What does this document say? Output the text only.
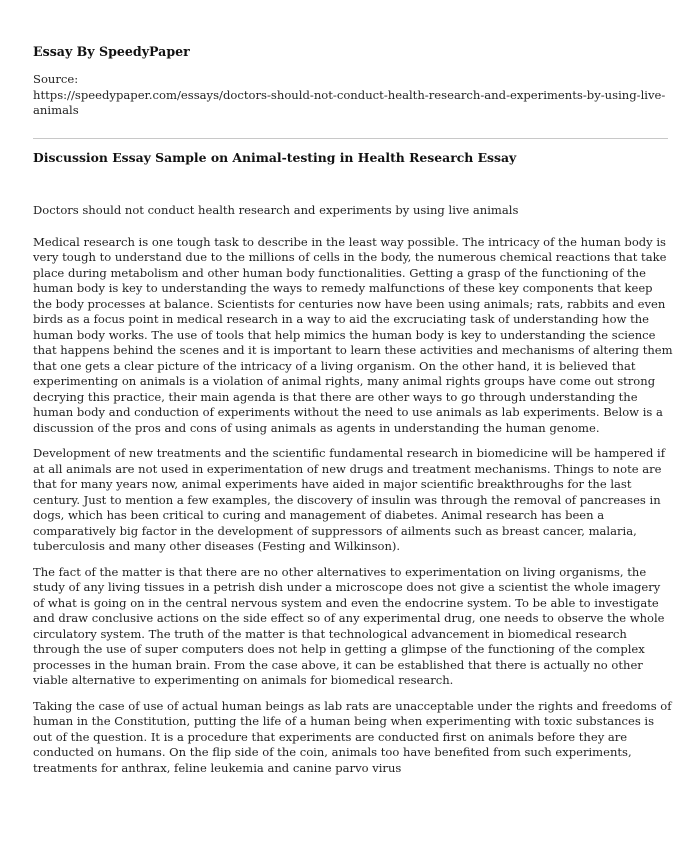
Essay By SpeedyPaper
Source:
https://speedypaper.com/essays/doctors-should-not-conduct-health-research-and-experiments-by-using-live-animals
Discussion Essay Sample on Animal-testing in Health Research Essay

Doctors should not conduct health research and experiments by using live animals

Medical research is one tough task to describe in the least way possible. The intricacy of the human body is very tough to understand due to the millions of cells in the body, the numerous chemical reactions that take place during metabolism and other human body functionalities. Getting a grasp of the functioning of the human body is key to understanding the ways to remedy malfunctions of these key components that keep the body processes at balance. Scientists for centuries now have been using animals; rats, rabbits and even birds as a focus point in medical research in a way to aid the excruciating task of understanding how the human body works. The use of tools that help mimics the human body is key to understanding the science that happens behind the scenes and it is important to learn these activities and mechanisms of altering them that one gets a clear picture of the intricacy of a living organism. On the other hand, it is believed that experimenting on animals is a violation of animal rights, many animal rights groups have come out strong decrying this practice, their main agenda is that there are other ways to go through understanding the human body and conduction of experiments without the need to use animals as lab experiments. Below is a discussion of the pros and cons of using animals as agents in understanding the human genome.

Development of new treatments and the scientific fundamental research in biomedicine will be hampered if at all animals are not used in experimentation of new drugs and treatment mechanisms. Things to note are that for many years now, animal experiments have aided in major scientific breakthroughs for the last century. Just to mention a few examples, the discovery of insulin was through the removal of pancreases in dogs, which has been critical to curing and management of diabetes. Animal research has been a comparatively big factor in the development of suppressors of ailments such as breast cancer, malaria, tuberculosis and many other diseases (Festing and Wilkinson).

The fact of the matter is that there are no other alternatives to experimentation on living organisms, the study of any living tissues in a petrish dish under a microscope does not give a scientist the whole imagery of what is going on in the central nervous system and even the endocrine system. To be able to investigate and draw conclusive actions on the side effect so of any experimental drug, one needs to observe the whole circulatory system. The truth of the matter is that technological advancement in biomedical research through the use of super computers does not help in getting a glimpse of the functioning of the complex processes in the human brain. From the case above, it can be established that there is actually no other viable alternative to experimenting on animals for biomedical research.

Taking the case of use of actual human beings as lab rats are unacceptable under the rights and freedoms of human in the Constitution, putting the life of a human being when experimenting with toxic substances is out of the question. It is a procedure that experiments are conducted first on animals before they are conducted on humans. On the flip side of the coin, animals too have benefited from such experiments, treatments for anthrax, feline leukemia and canine parvo virus
